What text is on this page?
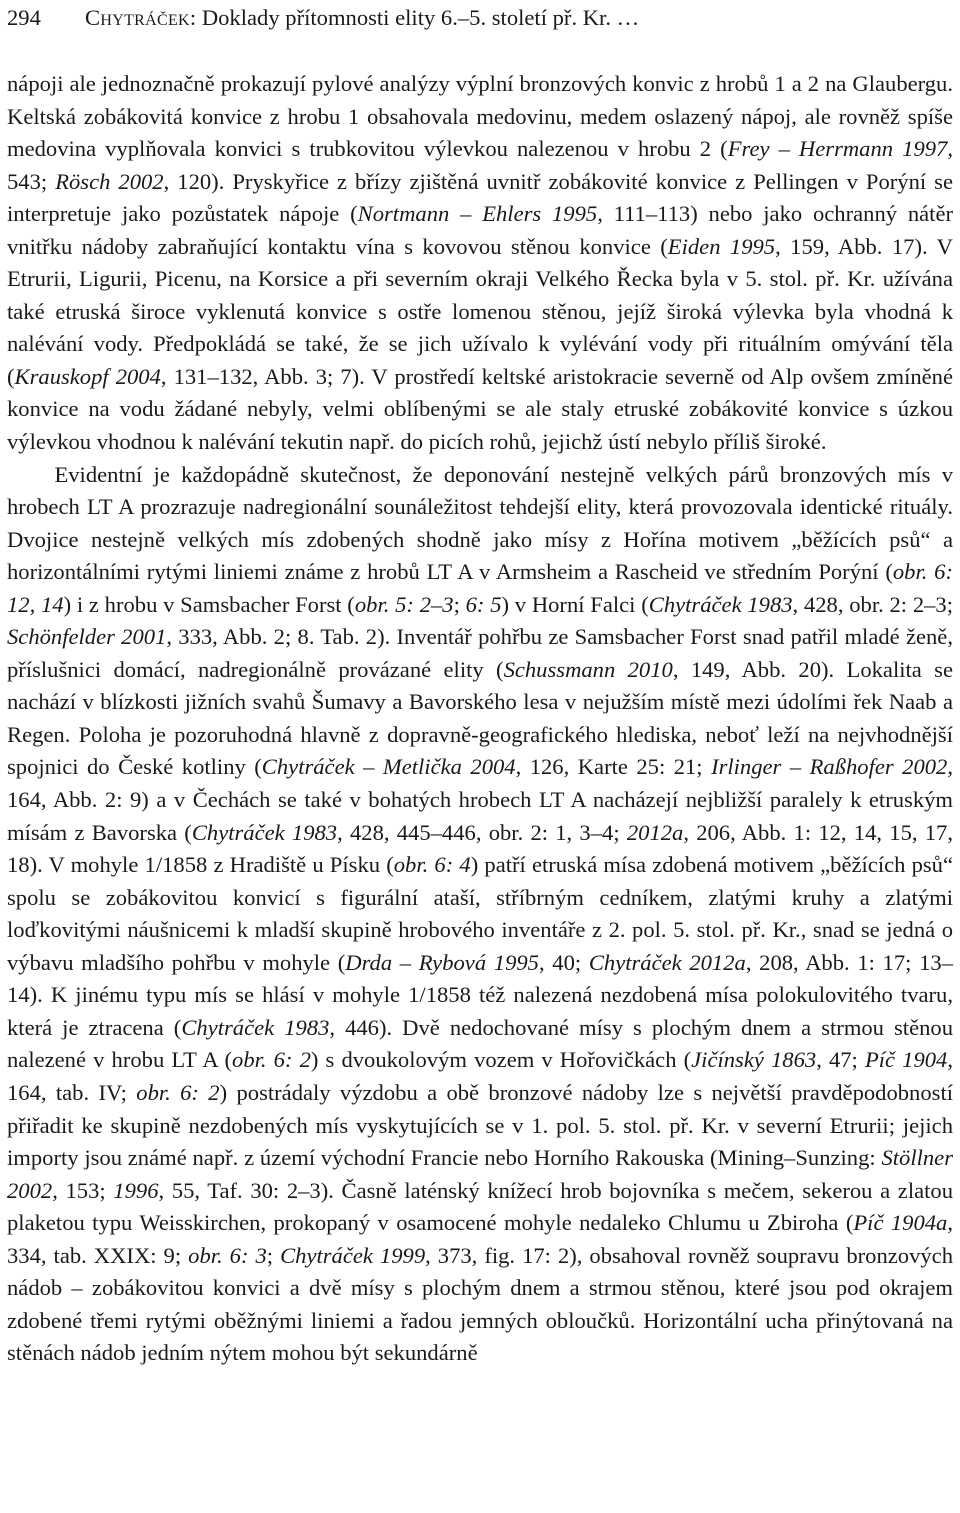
294	Chytráček: Doklady přítomnosti elity 6.–5. století př. Kr. …

nápoji ale jednoznačně prokazují pylové analýzy výplní bronzových konvic z hrobů 1 a 2 na Glaubergu. Keltská zobákovitá konvice z hrobu 1 obsahovala medovinu, medem oslazený nápoj, ale rovněž spíše medovina vyplňovala konvici s trubkovitou výlevkou nalezenou v hrobu 2 (Frey – Herrmann 1997, 543; Rösch 2002, 120). Pryskyřice z břízy zjištěná uvnitř zobákovité konvice z Pellingen v Porýní se interpretuje jako pozůstatek nápoje (Nortmann – Ehlers 1995, 111–113) nebo jako ochranný nátěr vnitřku nádoby zabraňující kontaktu vína s kovovou stěnou konvice (Eiden 1995, 159, Abb. 17). V Etrurii, Ligurii, Picenu, na Korsice a při severním okraji Velkého Řecka byla v 5. stol. př. Kr. užívána také etruská široce vyklenutá konvice s ostře lomenou stěnou, jejíž široká výlevka byla vhodná k nalévání vody. Předpokládá se také, že se jich užívalo k vylévání vody při rituálním omývání těla (Krauskopf 2004, 131–132, Abb. 3; 7). V prostředí keltské aristokracie severně od Alp ovšem zmíněné konvice na vodu žádané nebyly, velmi oblíbenými se ale staly etruské zobákovité konvice s úzkou výlevkou vhodnou k nalévání tekutin např. do picích rohů, jejichž ústí nebylo příliš široké.

Evidentní je každopádně skutečnost, že deponování nestejně velkých párů bronzových mís v hrobech LT A prozrazuje nadregionální sounáležitost tehdejší elity, která provozovala identické rituály. Dvojice nestejně velkých mís zdobených shodně jako mísy z Hořína motivem „běžících psů“ a horizontálními rytými liniemi známe z hrobů LT A v Armsheim a Rascheid ve středním Porýní (obr. 6: 12, 14) i z hrobu v Samsbacher Forst (obr. 5: 2–3; 6: 5) v Horní Falci (Chytráček 1983, 428, obr. 2: 2–3; Schönfelder 2001, 333, Abb. 2; 8. Tab. 2). Inventář pohřbu ze Samsbacher Forst snad patřil mladé ženě, příslušnici domácí, nadregionálně provázané elity (Schussmann 2010, 149, Abb. 20). Lokalita se nachází v blízkosti jižních svahů Šumavy a Bavorského lesa v nejužším místě mezi údolími řek Naab a Regen. Poloha je pozoruhodná hlavně z dopravně-geografického hlediska, neboť leží na nejvhodnější spojnici do České kotliny (Chytráček – Metlička 2004, 126, Karte 25: 21; Irlinger – Raßhofer 2002, 164, Abb. 2: 9) a v Čechách se také v bohatých hrobech LT A nacházejí nejbližší paralely k etruským mísám z Bavorska (Chytráček 1983, 428, 445–446, obr. 2: 1, 3–4; 2012a, 206, Abb. 1: 12, 14, 15, 17, 18). V mohyle 1/1858 z Hradiště u Písku (obr. 6: 4) patří etruská mísa zdobená motivem „běžících psů“ spolu se zobákovitou konvicí s figurální ataší, stříbrným cedníkem, zlatými kruhy a zlatými loďkovitými náušnicemi k mladší skupině hrobového inventáře z 2. pol. 5. stol. př. Kr., snad se jedná o výbavu mladšího pohřbu v mohyle (Drda – Rybová 1995, 40; Chytráček 2012a, 208, Abb. 1: 17; 13–14). K jinému typu mís se hlásí v mohyle 1/1858 též nalezená nezdobená mísa polokulovitého tvaru, která je ztracena (Chytráček 1983, 446). Dvě nedochované mísy s plochým dnem a strmou stěnou nalezené v hrobu LT A (obr. 6: 2) s dvoukolovým vozem v Hořovičkách (Jičínský 1863, 47; Píč 1904, 164, tab. IV; obr. 6: 2) postrádaly výzdobu a obě bronzové nádoby lze s největší pravděpodobností přiřadit ke skupině nezdobených mís vyskytujících se v 1. pol. 5. stol. př. Kr. v severní Etrurii; jejich importy jsou známé např. z území východní Francie nebo Horního Rakouska (Mining–Sunzing: Stöllner 2002, 153; 1996, 55, Taf. 30: 2–3). Časně laténský knížecí hrob bojovníka s mečem, sekerou a zlatou plaketou typu Weisskirchen, prokopaný v osamocené mohyle nedaleko Chlumu u Zbiroha (Píč 1904a, 334, tab. XXIX: 9; obr. 6: 3; Chytráček 1999, 373, fig. 17: 2), obsahoval rovněž soupravu bronzových nádob – zobákovitou konvici a dvě mísy s plochým dnem a strmou stěnou, které jsou pod okrajem zdobené třemi rytými oběžnými liniemi a řadou jemných obloučků. Horizontální ucha přinýtovaná na stěnách nádob jedním nýtem mohou být sekundárně
